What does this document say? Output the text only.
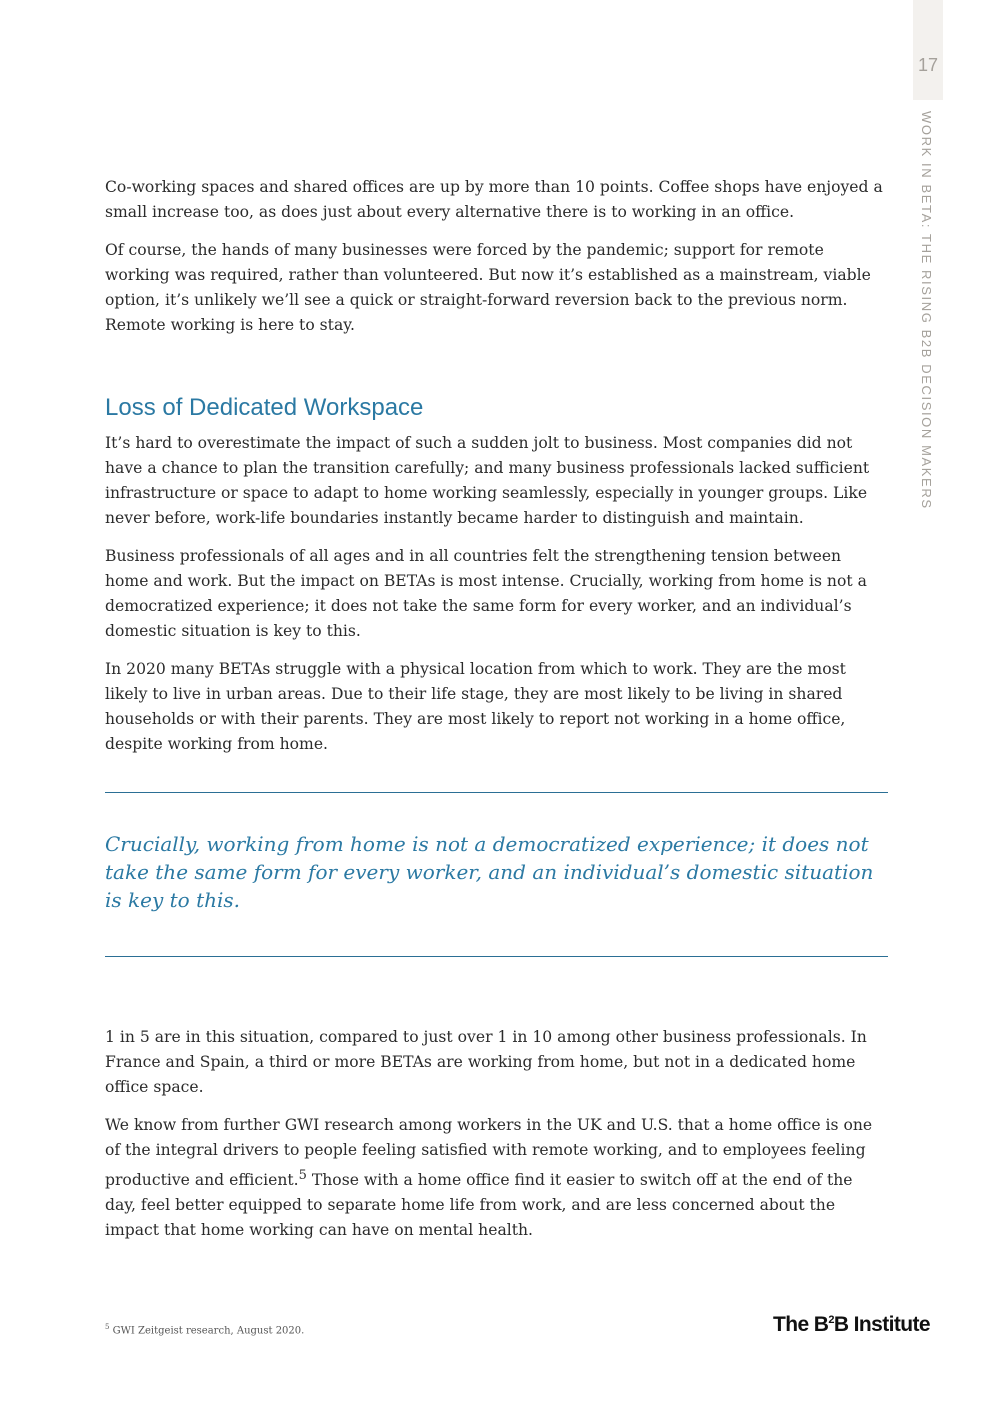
17
WORK IN BETA: THE RISING B2B DECISION MAKERS

Co-working spaces and shared offices are up by more than 10 points. Coffee shops have enjoyed a small increase too, as does just about every alternative there is to working in an office.

Of course, the hands of many businesses were forced by the pandemic; support for remote working was required, rather than volunteered. But now it’s established as a mainstream, viable option, it’s unlikely we’ll see a quick or straight-forward reversion back to the previous norm. Remote working is here to stay.

Loss of Dedicated Workspace

It’s hard to overestimate the impact of such a sudden jolt to business. Most companies did not have a chance to plan the transition carefully; and many business professionals lacked sufficient infrastructure or space to adapt to home working seamlessly, especially in younger groups. Like never before, work-life boundaries instantly became harder to distinguish and maintain.

Business professionals of all ages and in all countries felt the strengthening tension between home and work. But the impact on BETAs is most intense. Crucially, working from home is not a democratized experience; it does not take the same form for every worker, and an individual’s domestic situation is key to this.

In 2020 many BETAs struggle with a physical location from which to work. They are the most likely to live in urban areas. Due to their life stage, they are most likely to be living in shared households or with their parents. They are most likely to report not working in a home office, despite working from home.

Crucially, working from home is not a democratized experience; it does not take the same form for every worker, and an individual’s domestic situation is key to this.

1 in 5 are in this situation, compared to just over 1 in 10 among other business professionals. In France and Spain, a third or more BETAs are working from home, but not in a dedicated home office space.

We know from further GWI research among workers in the UK and U.S. that a home office is one of the integral drivers to people feeling satisfied with remote working, and to employees feeling productive and efficient.$^5$ Those with a home office find it easier to switch off at the end of the day, feel better equipped to separate home life from work, and are less concerned about the impact that home working can have on mental health.

$^5$ GWI Zeitgeist research, August 2020.	The $B^2B$ Institute
